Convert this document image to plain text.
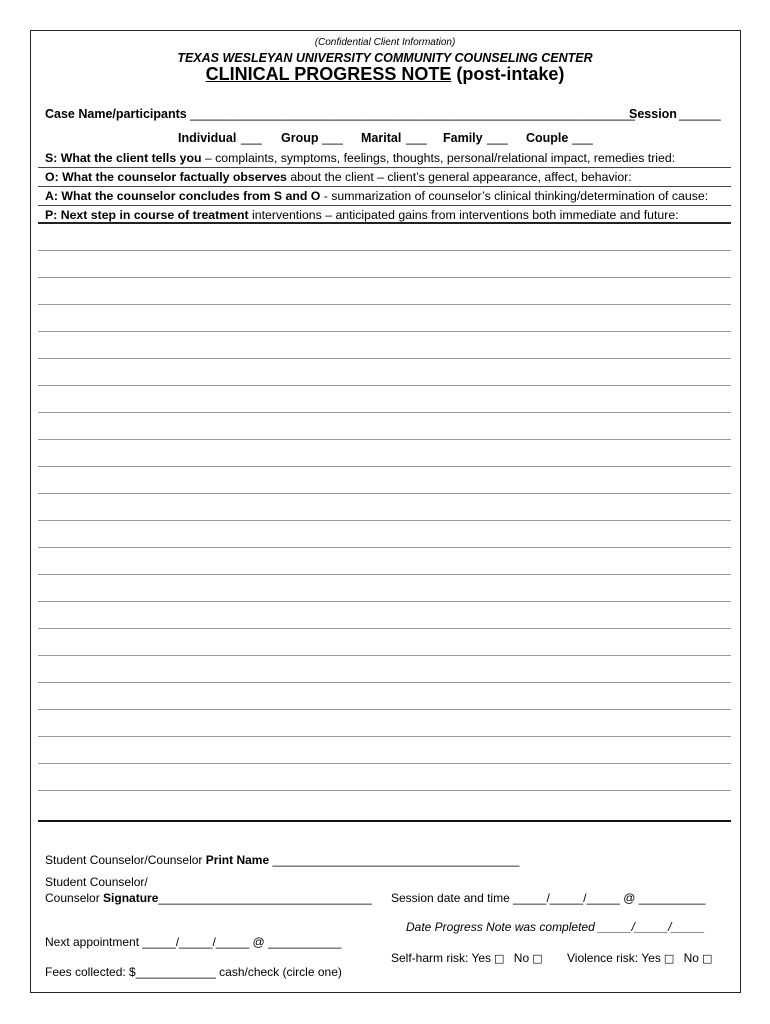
(Confidential Client Information)
TEXAS WESLEYAN UNIVERSITY COMMUNITY COUNSELING CENTER
CLINICAL PROGRESS NOTE (post-intake)
Case Name/participants ________________________________________________________________
Session ______
Individual ___ Group ___ Marital ___ Family ___ Couple ___
S: What the client tells you – complaints, symptoms, feelings, thoughts, personal/relational impact, remedies tried:
O: What the counselor factually observes about the client – client’s general appearance, affect, behavior:
A: What the counselor concludes from S and O - summarization of counselor’s clinical thinking/determination of cause:
P: Next step in course of treatment interventions – anticipated gains from interventions both immediate and future:
Student Counselor/Counselor Print Name _____________________________________
Student Counselor/
Counselor Signature________________________________ Session date and time _____/_____/_____ @ __________
Date Progress Note was completed _____/_____/_____
Next appointment _____/_____/_____ @ ___________
Self-harm risk: Yes □ No □ Violence risk: Yes □ No □
Fees collected: $____________ cash/check (circle one)
